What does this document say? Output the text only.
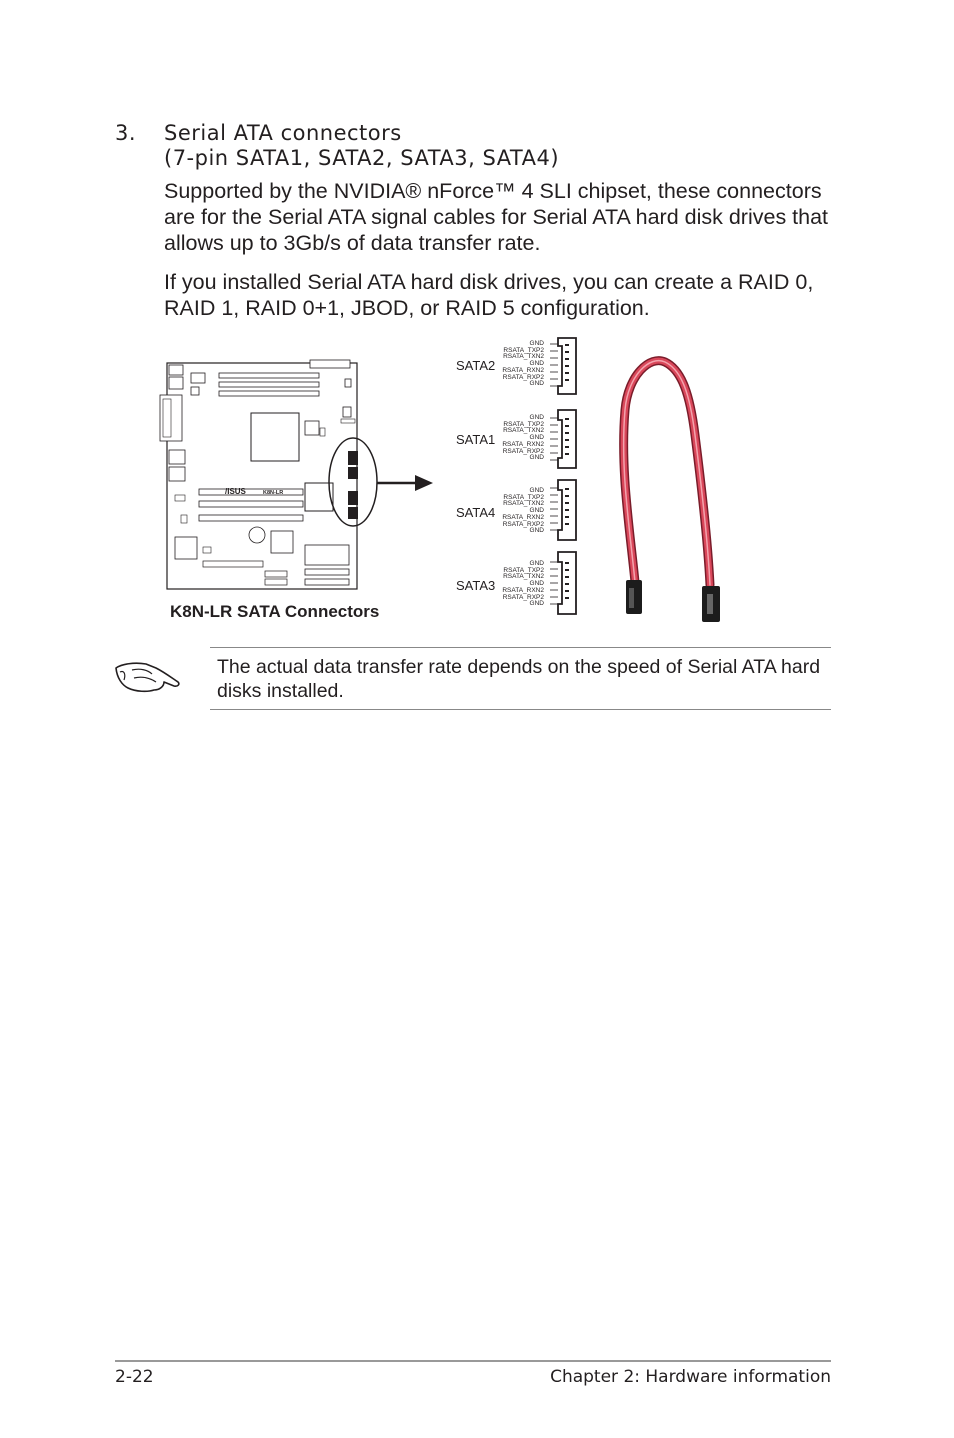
3. Serial ATA connectors
(7-pin SATA1, SATA2, SATA3, SATA4)
Supported by the NVIDIA® nForce™ 4 SLI chipset, these connectors are for the Serial ATA signal cables for Serial ATA hard disk drives that allows up to 3Gb/s of data transfer rate.
If you installed Serial ATA hard disk drives, you can create a RAID 0, RAID 1, RAID 0+1, JBOD, or RAID 5 configuration.
/ISUS	K8N-LR
K8N-LR SATA Connectors
SATA2
GND
RSATA_TXP2
RSATA_TXN2
GND
RSATA_RXN2
RSATA_RXP2
GND
SATA1
GND
RSATA_TXP2
RSATA_TXN2
GND
RSATA_RXN2
RSATA_RXP2
GND
SATA4
GND
RSATA_TXP2
RSATA_TXN2
GND
RSATA_RXN2
RSATA_RXP2
GND
SATA3
GND
RSATA_TXP2
RSATA_TXN2
GND
RSATA_RXN2
RSATA_RXP2
GND
The actual data transfer rate depends on the speed of Serial ATA hard disks installed.
2-22	Chapter 2: Hardware information
